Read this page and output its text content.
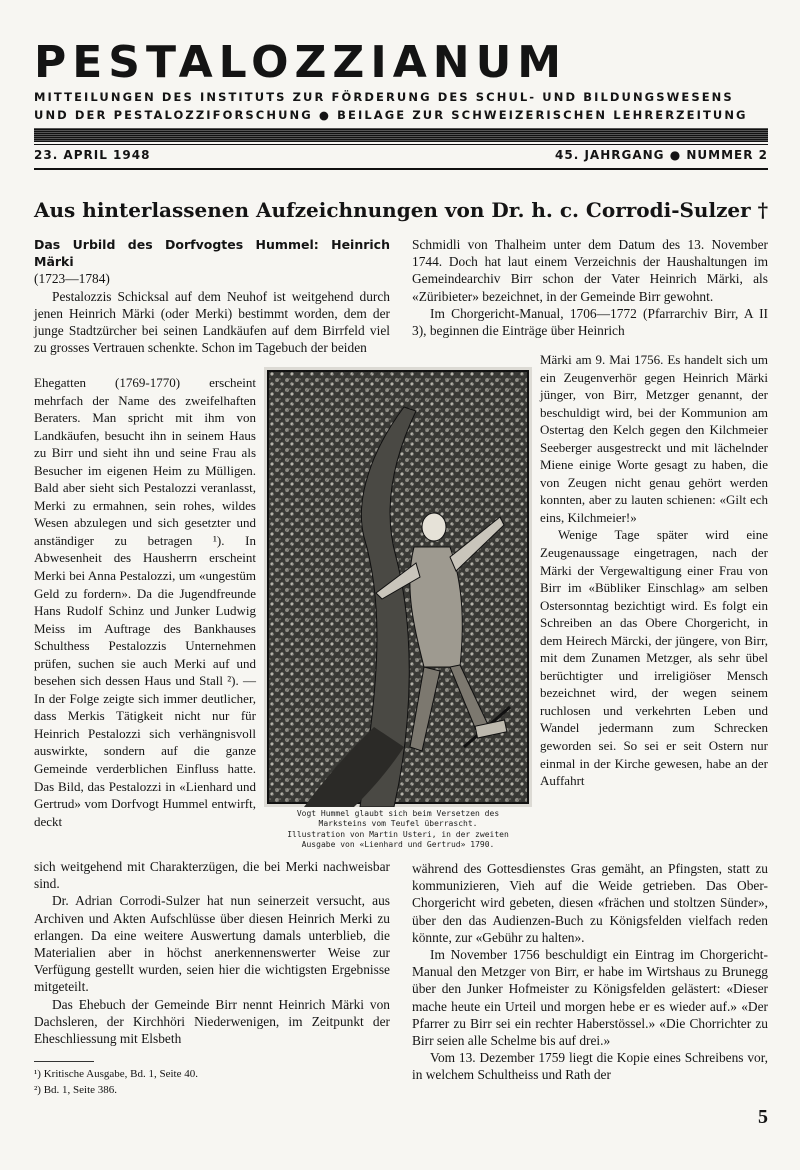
PESTALOZZIANUM
MITTEILUNGEN DES INSTITUTS ZUR FÖRDERUNG DES SCHUL- UND BILDUNGSWESENS
UND DER PESTALOZZIFORSCHUNG ● BEILAGE ZUR SCHWEIZERISCHEN LEHRERZEITUNG
23. APRIL 1948	45. JAHRGANG ● NUMMER 2
Aus hinterlassenen Aufzeichnungen von Dr. h. c. Corrodi-Sulzer †

Das Urbild des Dorfvogtes Hummel: Heinrich Märki

(1723—1784)

Pestalozzis Schicksal auf dem Neuhof ist weitgehend durch jenen Heinrich Märki (oder Merki) bestimmt worden, dem der junge Stadtzürcher bei seinen Landkäufen auf dem Birrfeld viel zu grosses Vertrauen schenkte. Schon im Tagebuch der beiden

Ehegatten (1769-1770) erscheint mehrfach der Name des zweifelhaften Beraters. Man spricht mit ihm von Landkäufen, besucht ihn in seinem Haus zu Birr und sieht ihn und seine Frau als Besucher im eigenen Heim zu Mülligen. Bald aber sieht sich Pestalozzi veranlasst, Merki zu ermahnen, sein rohes, wildes Wesen abzulegen und sich gesetzter und anständiger zu betragen ¹). In Abwesenheit des Hausherrn erscheint Merki bei Anna Pestalozzi, um «ungestüm Geld zu fordern». Da die Jugendfreunde Hans Rudolf Schinz und Junker Ludwig Meiss im Auftrage des Bankhauses Schulthess Pestalozzis Unternehmen prüfen, suchen sie auch Merki auf und besehen sich dessen Haus und Stall ²). — In der Folge zeigte sich immer deutlicher, dass Merkis Tätigkeit nicht nur für Heinrich Pestalozzi sich verhängnisvoll auswirkte, sondern auf die ganze Gemeinde verderblichen Einfluss hatte. Das Bild, das Pestalozzi in «Lienhard und Gertrud» vom Dorfvogt Hummel entwirft, deckt

sich weitgehend mit Charakterzügen, die bei Merki nachweisbar sind.

Dr. Adrian Corrodi-Sulzer hat nun seinerzeit versucht, aus Archiven und Akten Aufschlüsse über diesen Heinrich Merki zu erlangen. Da eine weitere Auswertung damals unterblieb, die Materialien aber in höchst anerkennenswerter Weise zur Verfügung gestellt wurden, seien hier die wichtigsten Ergebnisse mitgeteilt.

Das Ehebuch der Gemeinde Birr nennt Heinrich Märki von Dachsleren, der Kirchhöri Niederwenigen, im Zeitpunkt der Eheschliessung mit Elsbeth

Schmidli von Thalheim unter dem Datum des 13. November 1744. Doch hat laut einem Verzeichnis der Haushaltungen im Gemeindearchiv Birr schon der Vater Heinrich Märki, als «Züribieter» bezeichnet, in der Gemeinde Birr gewohnt.

Im Chorgericht-Manual, 1706—1772 (Pfarrarchiv Birr, A II 3), beginnen die Einträge über Heinrich

Märki am 9. Mai 1756. Es handelt sich um ein Zeugenverhör gegen Heinrich Märki jünger, von Birr, Metzger genannt, der beschuldigt wird, bei der Kommunion am Ostertag den Kelch gegen den Kilchmeier Seeberger ausgestreckt und mit lächelnder Miene einige Worte gesagt zu haben, die von Zeugen nicht genau gehört werden konnten, aber zu lauten schienen: «Gilt ech eins, Kilchmeier!»

Wenige Tage später wird eine Zeugenaussage eingetragen, nach der Märki der Vergewaltigung einer Frau von Birr im «Bübliker Einschlag» am selben Ostersonntag bezichtigt wird. Es folgt ein Schreiben an das Obere Chorgericht, in dem Heirech Märcki, der jüngere, von Birr, mit dem Zunamen Metzger, als sehr übel berüchtigter und irreligiöser Mensch bezeichnet wird, der wegen seinem ruchlosen und verkehrten Leben und Wandel jedermann zum Schrecken geworden sei. So sei er seit Ostern nur einmal in der Kirche gewesen, habe an der Auffahrt

während des Gottesdienstes Gras gemäht, an Pfingsten, statt zu kommunizieren, Vieh auf die Weide getrieben. Das Ober-Chorgericht wird gebeten, diesen «frächen und stoltzen Sünder», über den das Audienzen-Buch zu Königsfelden vielfach reden könnte, zur «Gebühr zu halten».

Im November 1756 beschuldigt ein Eintrag im Chorgericht-Manual den Metzger von Birr, er habe im Wirtshaus zu Brunegg über den Junker Hofmeister zu Königsfelden gelästert: «Dieser mache heute ein Urteil und morgen hebe er es wieder auf.» «Der Pfarrer zu Birr sei ein rechter Haberstössel.» «Die Chorrichter zu Birr seien alle Schelme bis auf drei.»

Vom 13. Dezember 1759 liegt die Kopie eines Schreibens vor, in welchem Schultheiss und Rath der

Vogt Hummel glaubt sich beim Versetzen des
Marksteins vom Teufel überrascht.
Illustration von Martin Usteri, in der zweiten
Ausgabe von «Lienhard und Gertrud» 1790.
¹) Kritische Ausgabe, Bd. 1, Seite 40.
²) Bd. 1, Seite 386.
5
